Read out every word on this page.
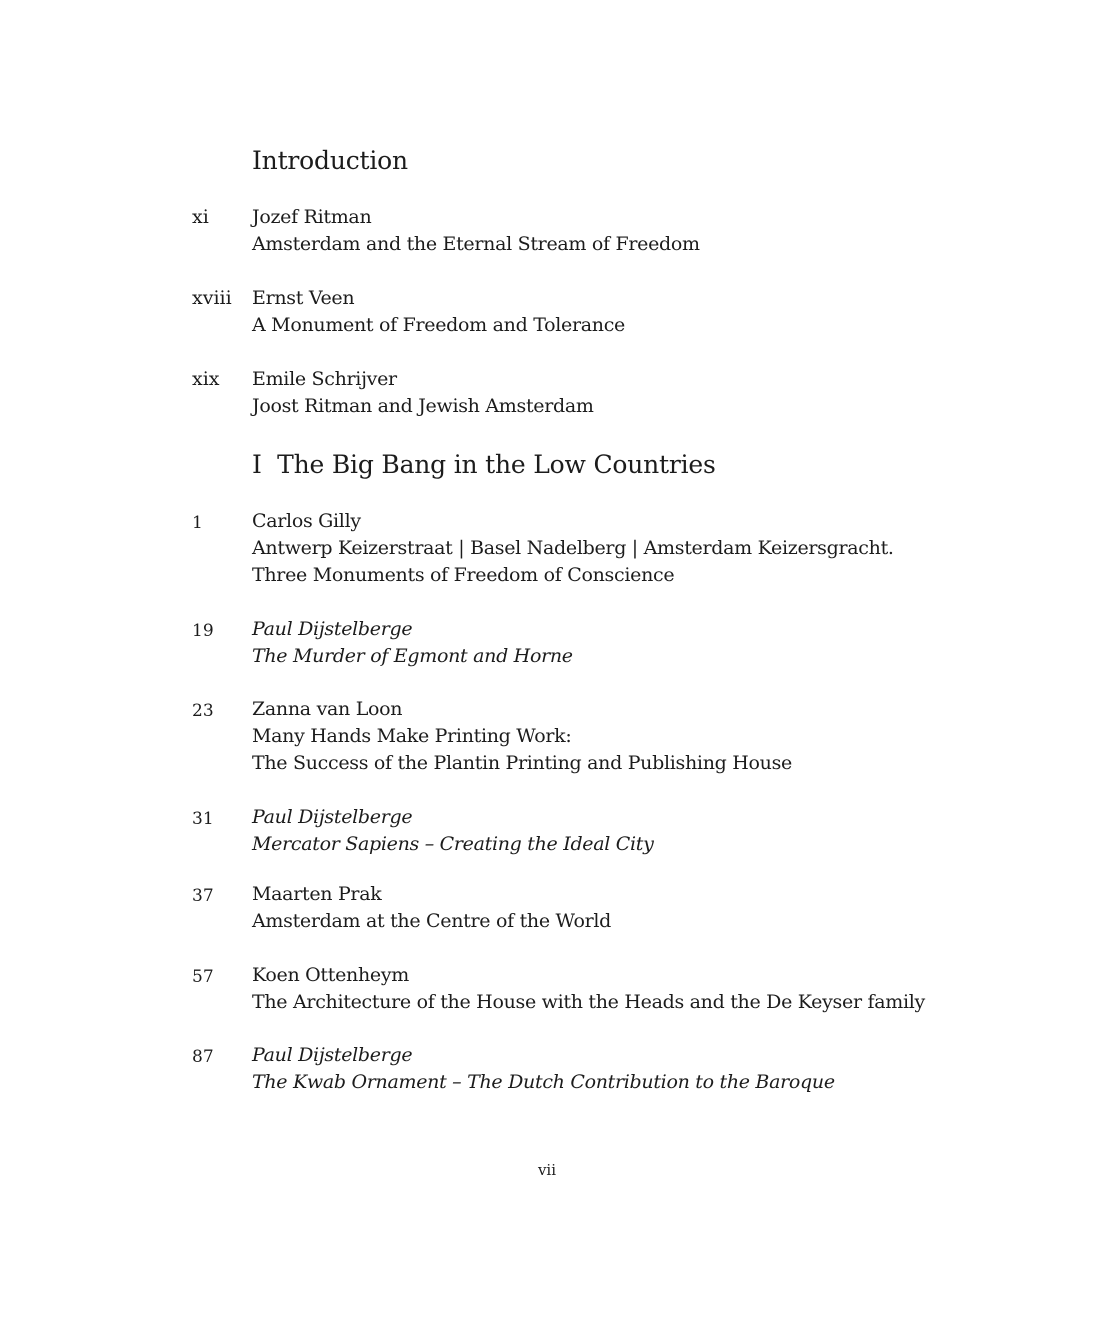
Introduction
xi	Jozef Ritman
Amsterdam and the Eternal Stream of Freedom
xviii	Ernst Veen
A Monument of Freedom and Tolerance
xix	Emile Schrijver
Joost Ritman and Jewish Amsterdam
I  The Big Bang in the Low Countries
1	Carlos Gilly
Antwerp Keizerstraat | Basel Nadelberg | Amsterdam Keizersgracht.
Three Monuments of Freedom of Conscience
19	Paul Dijstelberge
The Murder of Egmont and Horne
23	Zanna van Loon
Many Hands Make Printing Work:
The Success of the Plantin Printing and Publishing House
31	Paul Dijstelberge
Mercator Sapiens – Creating the Ideal City
37	Maarten Prak
Amsterdam at the Centre of the World
57	Koen Ottenheym
The Architecture of the House with the Heads and the De Keyser family
87	Paul Dijstelberge
The Kwab Ornament – The Dutch Contribution to the Baroque
vii
